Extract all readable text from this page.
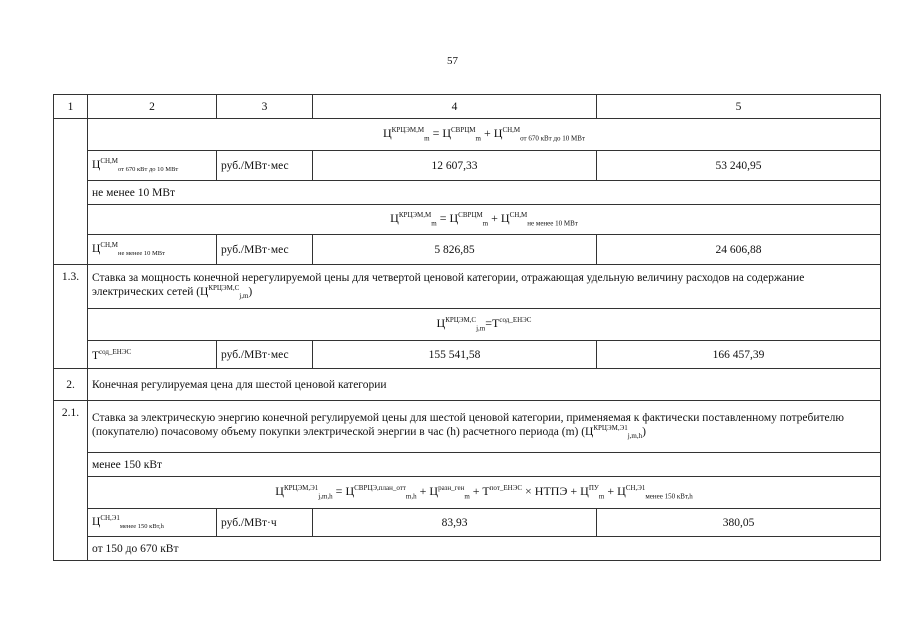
57
1	2	3	4	5
	$Ц^{КРЦЭМ,М}_m = Ц^{СВРЦМ}_m + Ц^{СН,М}_{от 670 кВт до 10 МВт}$
	$Ц^{СН,М}_{от 670 кВт до 10 МВт}$	руб./МВт·мес	12 607,33	53 240,95
	не менее 10 МВт			
	$Ц^{КРЦЭМ,М}_m = Ц^{СВРЦМ}_m + Ц^{СН,М}_{не менее 10 МВт}$
	$Ц^{СН,М}_{не менее 10 МВт}$	руб./МВт·мес	5 826,85	24 606,88
1.3.	Ставка за мощность конечной нерегулируемой цены для четвертой ценовой категории, отражающая удельную величину расходов на содержание электрических сетей $(Ц^{КРЦЭМ,С}_{j,m})$			
	$Ц^{КРЦЭМ,С}_{j,m}=T^{сод\_ЕНЭС}$
	$T^{сод\_ЕНЭС}$	руб./МВт·мес	155 541,58	166 457,39
2.	Конечная регулируемая цена для шестой ценовой категории			
2.1.	Ставка за электрическую энергию конечной регулируемой цены для шестой ценовой категории, применяемая к фактически поставленному потребителю (покупателю) почасовому объему покупки электрической энергии в час (h) расчетного периода (m) $(Ц^{КРЦЭМ,Э1}_{j,m,h})$			
	менее 150 кВт			
	$Ц^{КРЦЭМ,Э1}_{j,m,h} = Ц^{СВРЦЭ,план\_отт}_{m,h} + Ц^{разн\_ген}_m + T^{пот\_ЕНЭС}$ × НТПЭ + $Ц^{ПУ}_m + Ц^{СН,Э1}_{менее 150 кВт,h}$
	$Ц^{СН,Э1}_{менее 150 кВт,h}$	руб./МВт·ч	83,93	380,05
	от 150 до 670 кВт			
